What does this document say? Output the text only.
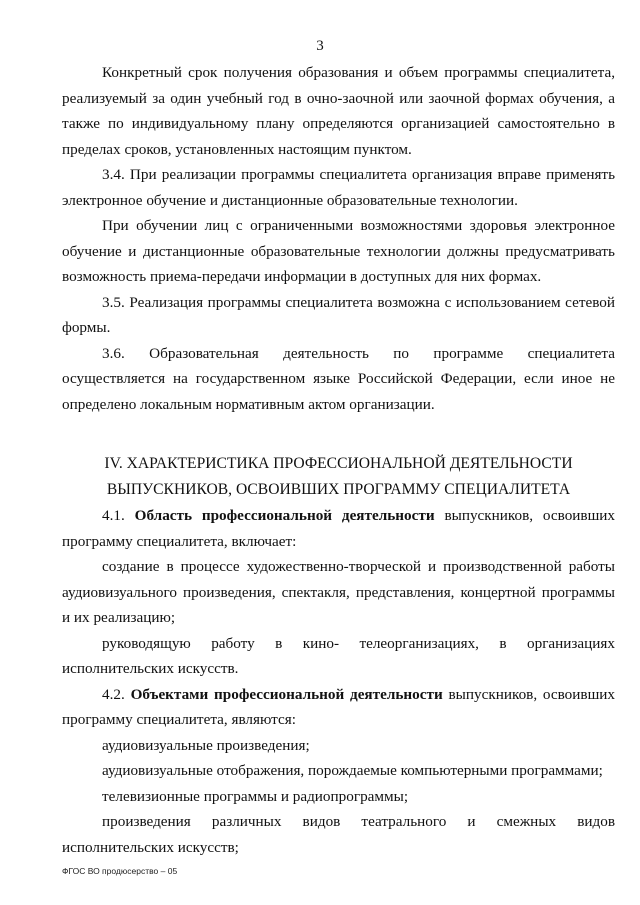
3

Конкретный срок получения образования и объем программы специалитета, реализуемый за один учебный год в очно-заочной или заочной формах обучения, а также по индивидуальному плану определяются организацией самостоятельно в пределах сроков, установленных настоящим пунктом.

3.4. При реализации программы специалитета организация вправе применять электронное обучение и дистанционные образовательные технологии.

При обучении лиц с ограниченными возможностями здоровья электронное обучение и дистанционные образовательные технологии должны предусматривать возможность приема-передачи информации в доступных для них формах.

3.5. Реализация программы специалитета возможна с использованием сетевой формы.

3.6. Образовательная деятельность по программе специалитета осуществляется на государственном языке Российской Федерации, если иное не определено локальным нормативным актом организации.

IV. ХАРАКТЕРИСТИКА ПРОФЕССИОНАЛЬНОЙ ДЕЯТЕЛЬНОСТИ
ВЫПУСКНИКОВ, ОСВОИВШИХ ПРОГРАММУ СПЕЦИАЛИТЕТА

4.1. Область профессиональной деятельности выпускников, освоивших программу специалитета, включает:

создание в процессе художественно-творческой и производственной работы аудиовизуального произведения, спектакля, представления, концертной программы и их реализацию;

руководящую работу в кино- телеорганизациях, в организациях исполнительских искусств.

4.2. Объектами профессиональной деятельности выпускников, освоивших программу специалитета, являются:

аудиовизуальные произведения;

аудиовизуальные отображения, порождаемые компьютерными программами;

телевизионные программы и радиопрограммы;

произведения различных видов театрального и смежных видов исполнительских искусств;

ФГОС ВО продюсерство – 05
